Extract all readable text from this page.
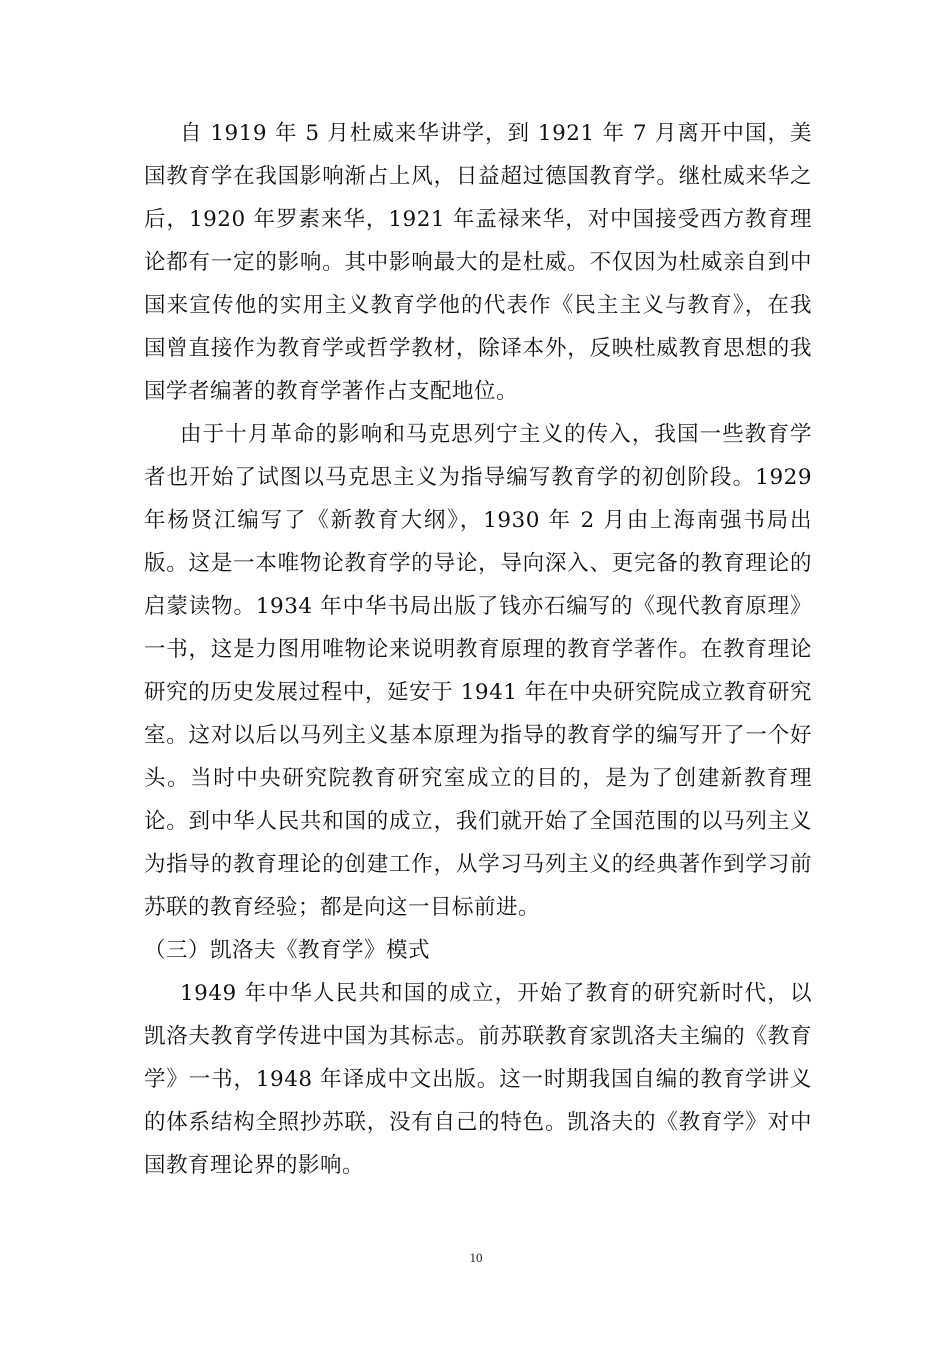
自 1919 年 5 月杜威来华讲学，到 1921 年 7 月离开中国，美国教育学在我国影响渐占上风，日益超过德国教育学。继杜威来华之后，1920 年罗素来华，1921 年孟禄来华，对中国接受西方教育理论都有一定的影响。其中影响最大的是杜威。不仅因为杜威亲自到中国来宣传他的实用主义教育学他的代表作《民主主义与教育》，在我国曾直接作为教育学或哲学教材，除译本外，反映杜威教育思想的我国学者编著的教育学著作占支配地位。

由于十月革命的影响和马克思列宁主义的传入，我国一些教育学者也开始了试图以马克思主义为指导编写教育学的初创阶段。1929 年杨贤江编写了《新教育大纲》，1930 年 2 月由上海南强书局出版。这是一本唯物论教育学的导论，导向深入、更完备的教育理论的启蒙读物。1934 年中华书局出版了钱亦石编写的《现代教育原理》一书，这是力图用唯物论来说明教育原理的教育学著作。在教育理论研究的历史发展过程中，延安于 1941 年在中央研究院成立教育研究室。这对以后以马列主义基本原理为指导的教育学的编写开了一个好头。当时中央研究院教育研究室成立的目的，是为了创建新教育理论。到中华人民共和国的成立，我们就开始了全国范围的以马列主义为指导的教育理论的创建工作，从学习马列主义的经典著作到学习前苏联的教育经验；都是向这一目标前进。

（三）凯洛夫《教育学》模式

1949 年中华人民共和国的成立，开始了教育的研究新时代，以凯洛夫教育学传进中国为其标志。前苏联教育家凯洛夫主编的《教育学》一书，1948 年译成中文出版。这一时期我国自编的教育学讲义的体系结构全照抄苏联，没有自己的特色。凯洛夫的《教育学》对中国教育理论界的影响。

10
